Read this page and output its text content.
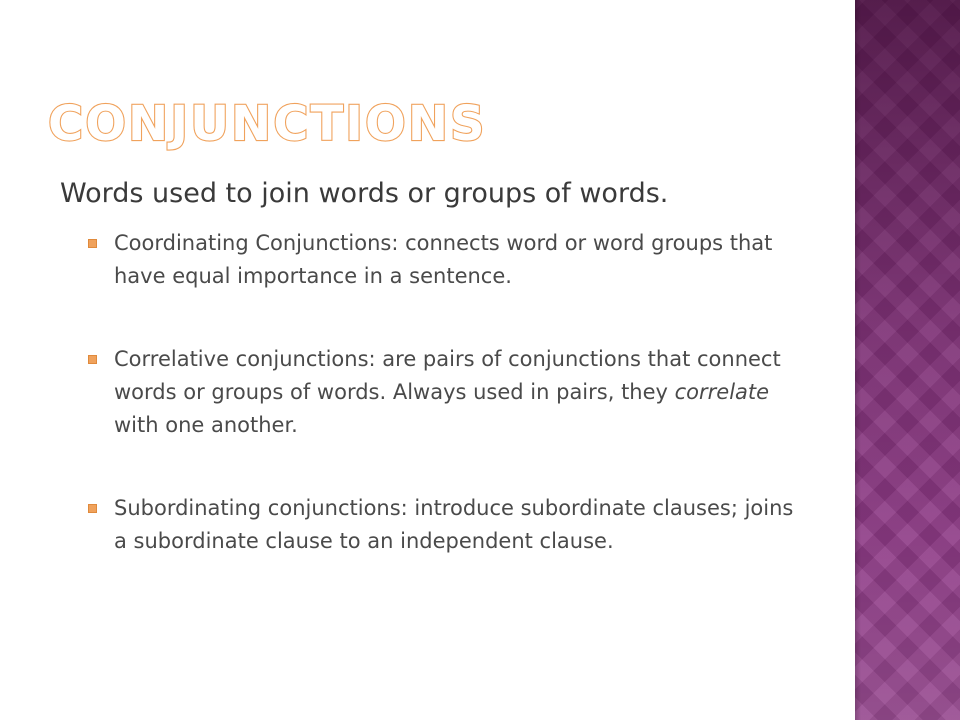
CONJUNCTIONS

Words used to join words or groups of words.

Coordinating Conjunctions: connects word or word groups that have equal importance in a sentence.
Correlative conjunctions: are pairs of conjunctions that connect words or groups of words. Always used in pairs, they correlate with one another.
Subordinating conjunctions: introduce subordinate clauses; joins a subordinate clause to an independent clause.
